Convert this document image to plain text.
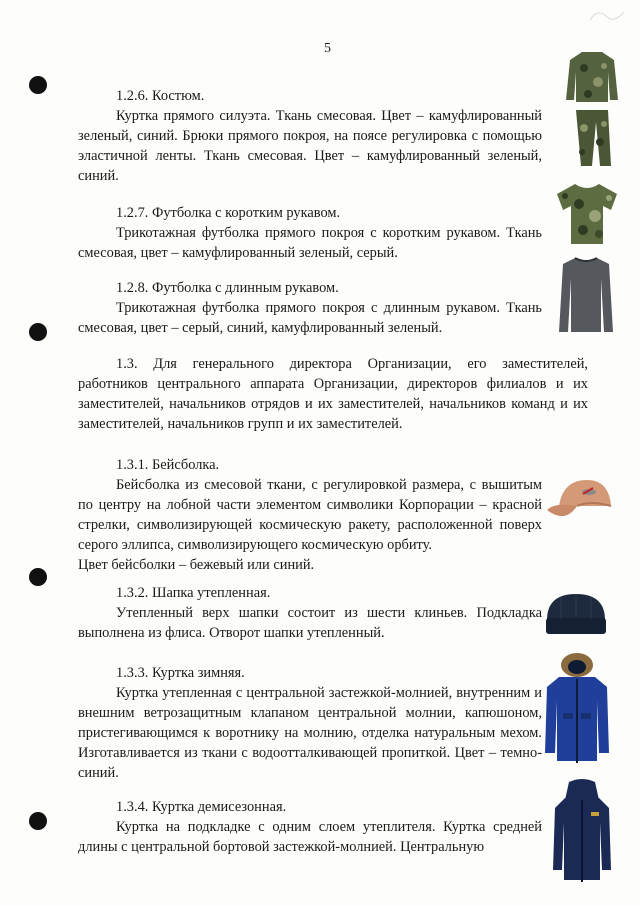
5

1.2.6. Костюм.

Куртка прямого силуэта. Ткань смесовая. Цвет – камуфлированный зеленый, синий. Брюки прямого покроя, на поясе регулировка с помощью эластичной ленты. Ткань смесовая. Цвет – камуфлированный зеленый, синий.

1.2.7. Футболка с коротким рукавом.

Трикотажная футболка прямого покроя с коротким рукавом. Ткань смесовая, цвет – камуфлированный зеленый, серый.

1.2.8. Футболка с длинным рукавом.

Трикотажная футболка прямого покроя с длинным рукавом. Ткань смесовая, цвет – серый, синий, камуфлированный зеленый.

1.3. Для генерального директора Организации, его заместителей, работников центрального аппарата Организации, директоров филиалов и их заместителей, начальников отрядов и их заместителей, начальников команд и их заместителей, начальников групп и их заместителей.

1.3.1. Бейсболка.

Бейсболка из смесовой ткани, с регулировкой размера, с вышитым по центру на лобной части элементом символики Корпорации – красной стрелки, символизирующей космическую ракету, расположенной поверх серого эллипса, символизирующего космическую орбиту.

Цвет бейсболки – бежевый или синий.

1.3.2. Шапка утепленная.

Утепленный верх шапки состоит из шести клиньев. Подкладка выполнена из флиса. Отворот шапки утепленный.

1.3.3. Куртка зимняя.

Куртка утепленная с центральной застежкой-молнией, внутренним и внешним ветрозащитным клапаном центральной молнии, капюшоном, пристегивающимся к воротнику на молнию, отделка натуральным мехом. Изготавливается из ткани с водоотталкивающей пропиткой. Цвет – темно-синий.

1.3.4. Куртка демисезонная.

Куртка на подкладке с одним слоем утеплителя. Куртка средней длины с центральной бортовой застежкой-молнией. Центральную
